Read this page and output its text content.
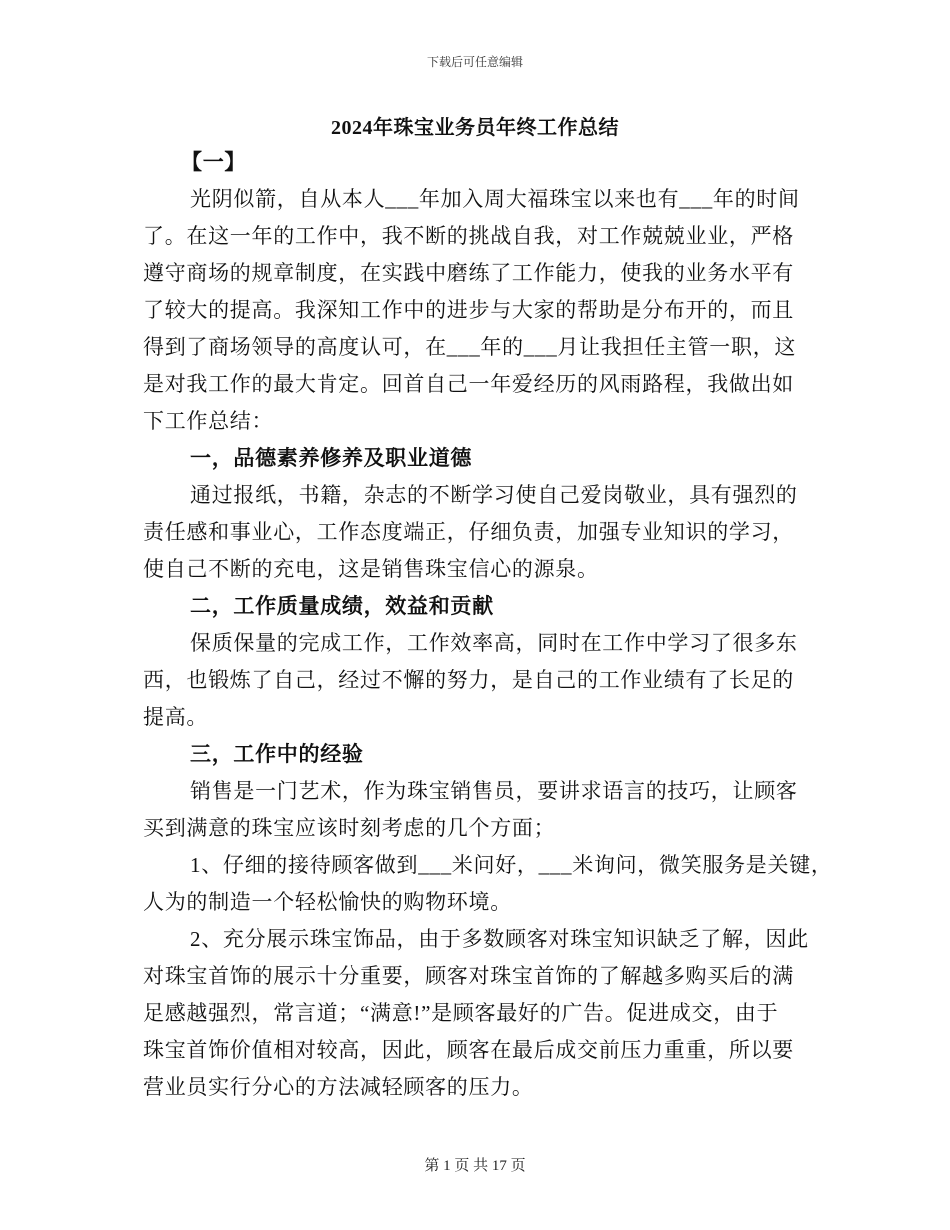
下载后可任意编辑
2024年珠宝业务员年终工作总结
【一】
光阴似箭，自从本人___年加入周大福珠宝以来也有___年的时间
了。在这一年的工作中，我不断的挑战自我，对工作兢兢业业，严格
遵守商场的规章制度，在实践中磨练了工作能力，使我的业务水平有
了较大的提高。我深知工作中的进步与大家的帮助是分布开的，而且
得到了商场领导的高度认可，在___年的___月让我担任主管一职，这
是对我工作的最大肯定。回首自己一年爱经历的风雨路程，我做出如
下工作总结：
一，品德素养修养及职业道德
通过报纸，书籍，杂志的不断学习使自己爱岗敬业，具有强烈的
责任感和事业心，工作态度端正，仔细负责，加强专业知识的学习，
使自己不断的充电，这是销售珠宝信心的源泉。
二，工作质量成绩，效益和贡献
保质保量的完成工作，工作效率高，同时在工作中学习了很多东
西，也锻炼了自己，经过不懈的努力，是自己的工作业绩有了长足的
提高。
三，工作中的经验
销售是一门艺术，作为珠宝销售员，要讲求语言的技巧，让顾客
买到满意的珠宝应该时刻考虑的几个方面；
1、仔细的接待顾客做到___米问好，___米询问，微笑服务是关键，
人为的制造一个轻松愉快的购物环境。
2、充分展示珠宝饰品，由于多数顾客对珠宝知识缺乏了解，因此
对珠宝首饰的展示十分重要，顾客对珠宝首饰的了解越多购买后的满
足感越强烈，常言道；“满意!”是顾客最好的广告。促进成交，由于
珠宝首饰价值相对较高，因此，顾客在最后成交前压力重重，所以要
营业员实行分心的方法减轻顾客的压力。
第 1 页 共 17 页
